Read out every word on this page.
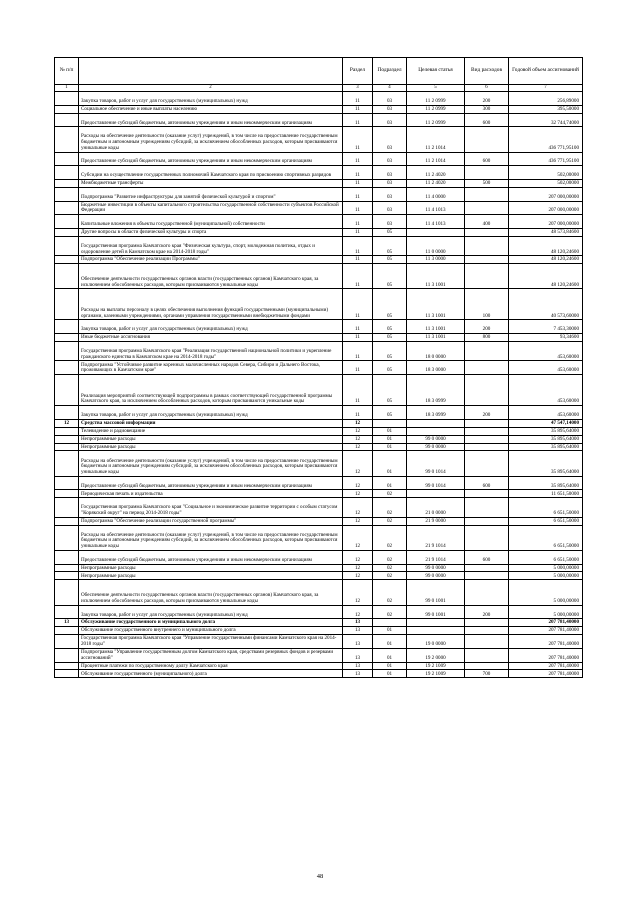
№ п/п		Раздел	Подраздел	Целевая статья	Вид расходов	Годовой объем ассигнований
1	2	3	4	5	6	7
	Закупка товаров, работ и услуг для государственных (муниципальных) нужд	11	03	11 2 0999	200	256,89000
	Социальное обеспечение и иные выплаты населению	11	03	11 2 0999	300	395,50000
	Предоставление субсидий бюджетным, автономным учреждениям и иным некоммерческим организациям	11	03	11 2 0999	600	32 744,74000
	Расходы на обеспечение деятельности (оказание услуг) учреждений, в том числе на предоставление государственным бюджетным и автономным учреждениям субсидий, за исключением обособленных расходов, которым присваиваются уникальные коды	11	03	11 2 1014		436 771,95100
	Предоставление субсидий бюджетным, автономным учреждениям и иным некоммерческим организациям	11	03	11 2 1014	600	436 771,95100
	Субсидии на осуществление государственных полномочий Камчатского края по присвоению спортивных разрядов	11	03	11 2 4020		502,00000
	Межбюджетные трансферты	11	03	11 2 4020	500	502,00000
	Подпрограмма "Развитие инфраструктуры для занятий физической культурой и спортом"	11	03	11 4 0000		207 000,00000
	Бюджетные инвестиции в объекты капитального строительства государственной собственности субъектов Российской Федерации	11	03	11 4 1013		207 000,00000
	Капитальные вложения в объекты государственной (муниципальной) собственности	11	03	11 4 1013	400	207 000,00000
	Другие вопросы в области физической культуры и спорта	11	05			48 573,84600
	Государственная программа Камчатского края "Физическая культура, спорт, молодежная политика, отдых и оздоровление детей в Камчатском крае на 2014-2018 годы"	11	05	11 0 0000		48 120,24600
	Подпрограмма "Обеспечение реализации Программы"	11	05	11 3 0000		48 120,24600
	Обеспечение деятельности государственных органов власти (государственных органов) Камчатского края, за исключением обособленных расходов, которым присваиваются уникальные коды	11	05	11 3 1001		48 120,24600
	Расходы на выплаты персоналу в целях обеспечения выполнения функций государственными (муниципальными) органами, казенными учреждениями, органами управления государственными внебюджетными фондами	11	05	11 3 1001	100	40 573,60000
	Закупка товаров, работ и услуг для государственных (муниципальных) нужд	11	05	11 3 1001	200	7 453,30000
	Иные бюджетные ассигнования	11	05	11 3 1001	800	93,34600
	Государственная программа Камчатского края "Реализация государственной национальной политики и укрепление гражданского единства в Камчатском крае на 2014-2018 годы"	11	05	18 0 0000		453,60000
	Подпрограмма "Устойчивое развитие коренных малочисленных народов Севера, Сибири и Дальнего Востока, проживающих в Камчатском крае"	11	05	18 3 0000		453,60000
	Реализация мероприятий соответствующей подпрограммы в рамках соответствующей государственной программы Камчатского края, за исключением обособленных расходов, которым присваиваются уникальные коды	11	05	18 3 0999		453,60000
	Закупка товаров, работ и услуг для государственных (муниципальных) нужд	11	05	18 3 0999	200	453,60000
12	Средства массовой информации	12				47 547,14000
	Телевидение и радиовещание	12	01			35 895,64000
	Непрограммные расходы	12	01	99 0 0000		35 895,64000
	Непрограммные расходы	12	01	99 0 0000		35 895,64000
	Расходы на обеспечение деятельности (оказание услуг) учреждений, в том числе на предоставление государственным бюджетным и автономным учреждениям субсидий, за исключением обособленных расходов, которым присваиваются уникальные коды	12	01	99 0 1014		35 895,64000
	Предоставление субсидий бюджетным, автономным учреждениям и иным некоммерческим организациям	12	01	99 0 1014	600	35 895,64000
	Периодическая печать и издательства	12	02			11 651,50000
	Государственная программа Камчатского края "Социальное и экономическое развитие территории с особым статусом "Корякский округ" на период 2014-2018 годы"	12	02	21 0 0000		6 651,50000
	Подпрограмма "Обеспечение реализации государственной программы"	12	02	21 9 0000		6 651,50000
	Расходы на обеспечение деятельности (оказание услуг) учреждений, в том числе на предоставление государственным бюджетным и автономным учреждениям субсидий, за исключением обособленных расходов, которым присваиваются уникальные коды	12	02	21 9 1014		6 651,50000
	Предоставление субсидий бюджетным, автономным учреждениям и иным некоммерческим организациям	12	02	21 9 1014	600	6 651,50000
	Непрограммные расходы	12	02	99 0 0000		5 000,00000
	Непрограммные расходы	12	02	99 0 0000		5 000,00000
	Обеспечение деятельности государственных органов власти (государственных органов) Камчатского края, за исключением обособленных расходов, которым присваиваются уникальные коды	12	02	99 0 1001		5 000,00000
	Закупка товаров, работ и услуг для государственных (муниципальных) нужд	12	02	99 0 1001	200	5 000,00000
13	Обслуживание государственного и муниципального долга	13				207 781,40000
	Обслуживание государственного внутреннего и муниципального долга	13	01			207 781,40000
	Государственная программа Камчатского края "Управление государственными финансами Камчатского края на 2014-2018 годы"	13	01	19 0 0000		207 781,40000
	Подпрограмма "Управление государственным долгом Камчатского края, средствами резервных фондов и резервами ассигнований"	13	01	19 2 0000		207 781,40000
	Процентные платежи по государственному долгу Камчатского края	13	01	19 2 1009		207 781,40000
	Обслуживание государственного (муниципального) долга	13	01	19 2 1009	700	207 781,40000
48
